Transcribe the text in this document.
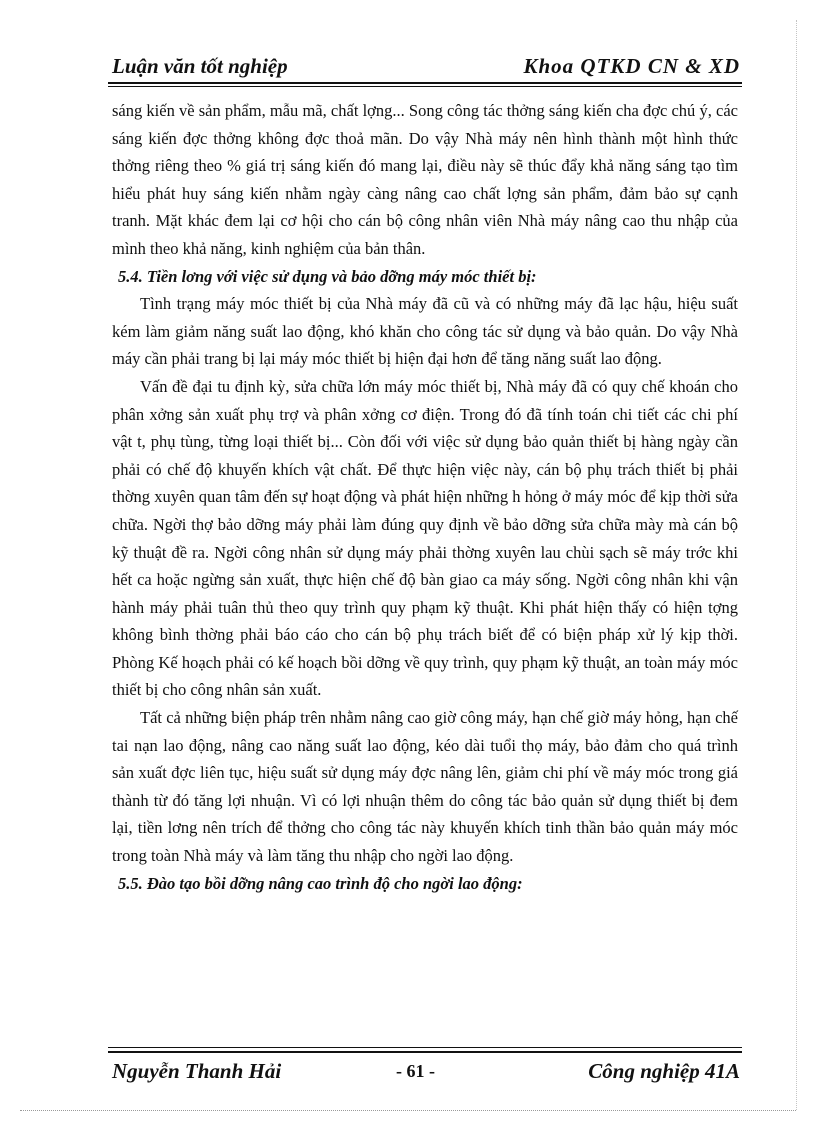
Luận văn tốt nghiệp	Khoa QTKD CN & XD

sáng kiến về sản phẩm, mẫu mã, chất lợng... Song công tác thởng sáng kiến cha đợc chú ý, các sáng kiến đợc thởng không đợc thoả mãn. Do vậy Nhà máy nên hình thành một hình thức thởng riêng theo % giá trị sáng kiến đó mang lại, điều này sẽ thúc đẩy khả năng sáng tạo tìm hiểu phát huy sáng kiến nhằm ngày càng nâng cao chất lợng sản phẩm, đảm bảo sự cạnh tranh. Mặt khác đem lại cơ hội cho cán bộ công nhân viên Nhà máy nâng cao thu nhập của mình theo khả năng, kinh nghiệm của bản thân.

5.4. Tiền lơng với việc sử dụng và bảo dỡng máy móc thiết bị:

Tình trạng máy móc thiết bị của Nhà máy đã cũ và có những máy đã lạc hậu, hiệu suất kém làm giảm năng suất lao động, khó khăn cho công tác sử dụng và bảo quản. Do vậy Nhà máy cần phải trang bị lại máy móc thiết bị hiện đại hơn để tăng năng suất lao động.

Vấn đề đại tu định kỳ, sửa chữa lớn máy móc thiết bị, Nhà máy đã có quy chế khoán cho phân xởng sản xuất phụ trợ và phân xởng cơ điện. Trong đó đã tính toán chi tiết các chi phí vật t, phụ tùng, từng loại thiết bị... Còn đối với việc sử dụng bảo quản thiết bị hàng ngày cần phải có chế độ khuyến khích vật chất. Để thực hiện việc này, cán bộ phụ trách thiết bị phải thờng xuyên quan tâm đến sự hoạt động và phát hiện những h hỏng ở máy móc để kịp thời sửa chữa. Ngời thợ bảo dỡng máy phải làm đúng quy định về bảo dỡng sửa chữa mày mà cán bộ kỹ thuật đề ra. Ngời công nhân sử dụng máy phải thờng xuyên lau chùi sạch sẽ máy trớc khi hết ca hoặc ngừng sản xuất, thực hiện chế độ bàn giao ca máy sống. Ngời công nhân khi vận hành máy phải tuân thủ theo quy trình quy phạm kỹ thuật. Khi phát hiện thấy có hiện tợng không bình thờng phải báo cáo cho cán bộ phụ trách biết để có biện pháp xử lý kịp thời. Phòng Kế hoạch phải có kế hoạch bồi dỡng về quy trình, quy phạm kỹ thuật, an toàn máy móc thiết bị cho công nhân sản xuất.

Tất cả những biện pháp trên nhằm nâng cao giờ công máy, hạn chế giờ máy hỏng, hạn chế tai nạn lao động, nâng cao năng suất lao động, kéo dài tuổi thọ máy, bảo đảm cho quá trình sản xuất đợc liên tục, hiệu suất sử dụng máy đợc nâng lên, giảm chi phí về máy móc trong giá thành từ đó tăng lợi nhuận. Vì có lợi nhuận thêm do công tác bảo quản sử dụng thiết bị đem lại, tiền lơng nên trích để thởng cho công tác này khuyến khích tinh thần bảo quản máy móc trong toàn Nhà máy và làm tăng thu nhập cho ngời lao động.

5.5. Đào tạo bồi dỡng nâng cao trình độ cho ngời lao động:

Nguyễn Thanh Hải	- 61 -	Công nghiệp 41A
